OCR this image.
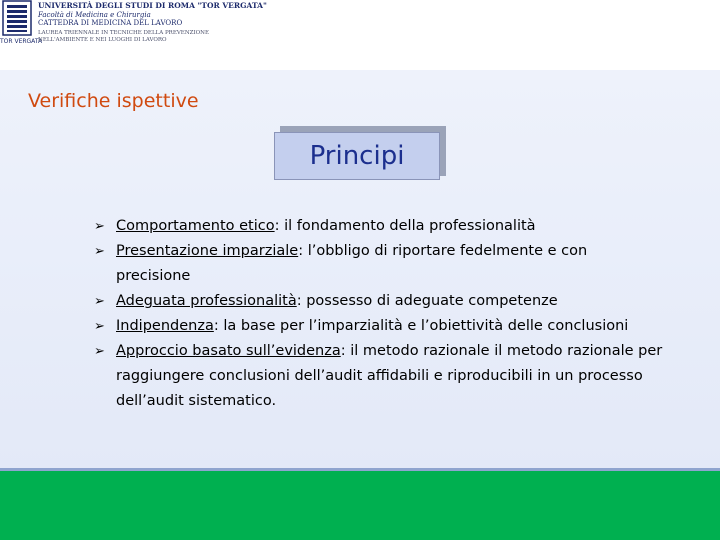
TOR VERGATA
UNIVERSITÀ DEGLI STUDI DI ROMA "TOR VERGATA"
Facoltà di Medicina e Chirurgia
CATTEDRA DI MEDICINA DEL LAVORO
LAUREA TRIENNALE IN TECNICHE DELLA PREVENZIONE
NELL'AMBIENTE E NEI LUOGHI DI LAVORO
Verifiche ispettive
Principi
➢ Comportamento etico: il fondamento della professionalità
➢ Presentazione imparziale: l’obbligo di riportare fedelmente e con precisione
➢ Adeguata professionalità: possesso di adeguate competenze
➢ Indipendenza: la base per l’imparzialità e l’obiettività delle conclusioni
➢ Approccio basato sull’evidenza: il metodo razionale il metodo razionale per raggiungere conclusioni dell’audit affidabili e riproducibili in un processo dell’audit sistematico.
